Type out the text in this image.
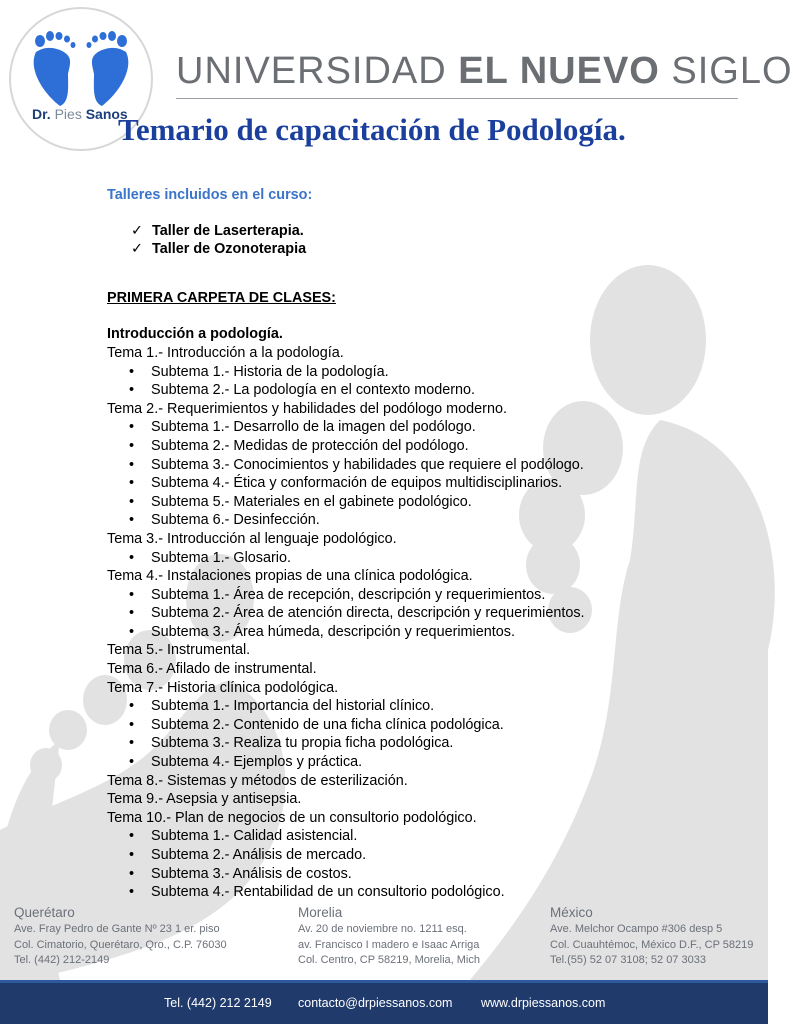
Dr. Pies Sanos
UNIVERSIDAD EL NUEVO SIGLO
Temario de capacitación de Podología.
Talleres incluidos en el curso:
✓ Taller de Laserterapia.
✓ Taller de Ozonoterapia
PRIMERA CARPETA DE CLASES:
Introducción a podología.
Tema 1.- Introducción a la podología.
• Subtema 1.- Historia de la podología.
• Subtema 2.- La podología en el contexto moderno.
Tema 2.- Requerimientos y habilidades del podólogo moderno.
• Subtema 1.- Desarrollo de la imagen del podólogo.
• Subtema 2.- Medidas de protección del podólogo.
• Subtema 3.- Conocimientos y habilidades que requiere el podólogo.
• Subtema 4.- Ética y conformación de equipos multidisciplinarios.
• Subtema 5.- Materiales en el gabinete podológico.
• Subtema 6.- Desinfección.
Tema 3.- Introducción al lenguaje podológico.
• Subtema 1.- Glosario.
Tema 4.- Instalaciones propias de una clínica podológica.
• Subtema 1.- Área de recepción, descripción y requerimientos.
• Subtema 2.- Área de atención directa, descripción y requerimientos.
• Subtema 3.- Área húmeda, descripción y requerimientos.
Tema 5.- Instrumental.
Tema 6.- Afilado de instrumental.
Tema 7.- Historia clínica podológica.
• Subtema 1.- Importancia del historial clínico.
• Subtema 2.- Contenido de una ficha clínica podológica.
• Subtema 3.- Realiza tu propia ficha podológica.
• Subtema 4.- Ejemplos y práctica.
Tema 8.- Sistemas y métodos de esterilización.
Tema 9.- Asepsia y antisepsia.
Tema 10.- Plan de negocios de un consultorio podológico.
• Subtema 1.- Calidad asistencial.
• Subtema 2.- Análisis de mercado.
• Subtema 3.- Análisis de costos.
• Subtema 4.- Rentabilidad de un consultorio podológico.
Querétaro
Ave. Fray Pedro de Gante Nº 23 1 er. piso
Col. Cimatorio, Querétaro, Qro., C.P. 76030
Tel. (442) 212-2149
Morelia
Av. 20 de noviembre no. 1211 esq.
av. Francisco I madero e Isaac Arriga
Col. Centro, CP 58219, Morelia, Mich
México
Ave. Melchor Ocampo #306 desp 5
Col. Cuauhtémoc, México D.F., CP 58219
Tel.(55) 52 07 3108; 52 07 3033
Tel. (442) 212 2149 contacto@drpiessanos.com www.drpiessanos.com
